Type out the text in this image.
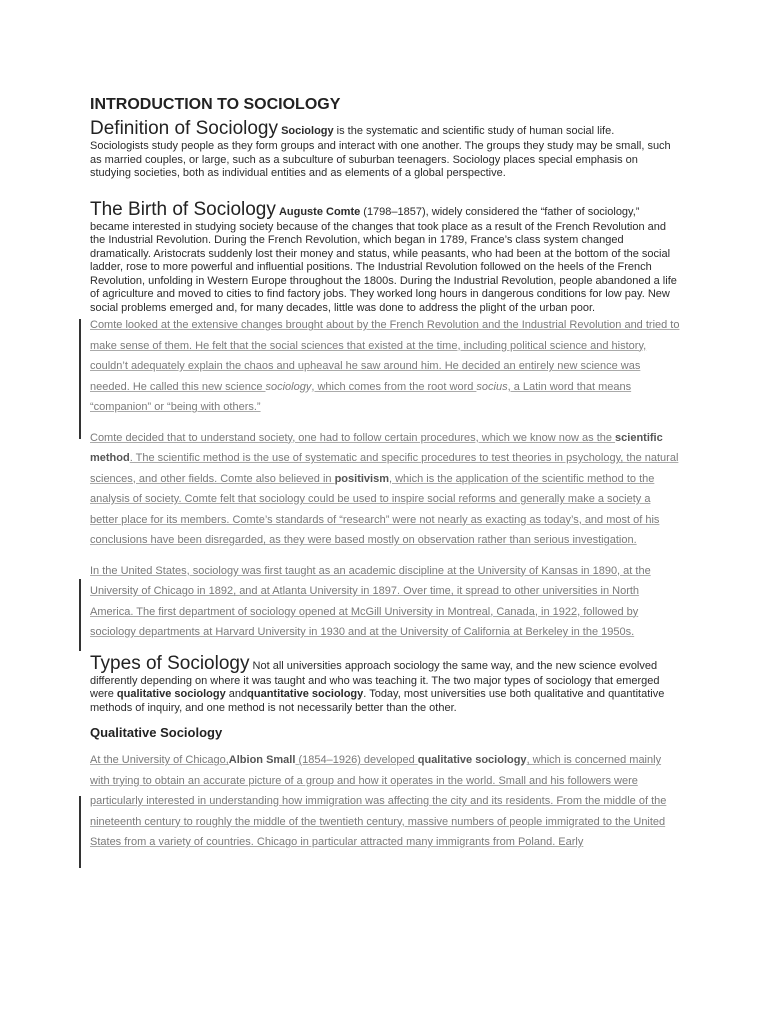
INTRODUCTION TO SOCIOLOGY

Definition of Sociology Sociology is the systematic and scientific study of human social life.
Sociologists study people as they form groups and interact with one another. The groups they study may be small, such as married couples, or large, such as a subculture of suburban teenagers. Sociology places special emphasis on studying societies, both as individual entities and as elements of a global perspective.

The Birth of Sociology Auguste Comte (1798–1857), widely considered the “father of sociology,” became interested in studying society because of the changes that took place as a result of the French Revolution and the Industrial Revolution. During the French Revolution, which began in 1789, France’s class system changed dramatically. Aristocrats suddenly lost their money and status, while peasants, who had been at the bottom of the social ladder, rose to more powerful and influential positions. The Industrial Revolution followed on the heels of the French Revolution, unfolding in Western Europe throughout the 1800s. During the Industrial Revolution, people abandoned a life of agriculture and moved to cities to find factory jobs. They worked long hours in dangerous conditions for low pay. New social problems emerged and, for many decades, little was done to address the plight of the urban poor.

Comte looked at the extensive changes brought about by the French Revolution and the Industrial Revolution and tried to make sense of them. He felt that the social sciences that existed at the time, including political science and history, couldn’t adequately explain the chaos and upheaval he saw around him. He decided an entirely new science was needed. He called this new science sociology, which comes from the root word socius, a Latin word that means “companion” or “being with others.”
Comte decided that to understand society, one had to follow certain procedures, which we know now as the scientific method. The scientific method is the use of systematic and specific procedures to test theories in psychology, the natural sciences, and other fields. Comte also believed in positivism, which is the application of the scientific method to the analysis of society. Comte felt that sociology could be used to inspire social reforms and generally make a society a better place for its members. Comte’s standards of “research” were not nearly as exacting as today’s, and most of his conclusions have been disregarded, as they were based mostly on observation rather than serious investigation.
In the United States, sociology was first taught as an academic discipline at the University of Kansas in 1890, at the University of Chicago in 1892, and at Atlanta University in 1897. Over time, it spread to other universities in North America. The first department of sociology opened at McGill University in Montreal, Canada, in 1922, followed by sociology departments at Harvard University in 1930 and at the University of California at Berkeley in the 1950s.

Types of Sociology Not all universities approach sociology the same way, and the new science evolved differently depending on where it was taught and who was teaching it. The two major types of sociology that emerged were qualitative sociology andquantitative sociology. Today, most universities use both qualitative and quantitative methods of inquiry, and one method is not necessarily better than the other.

Qualitative Sociology
At the University of Chicago,Albion Small (1854–1926) developed qualitative sociology, which is concerned mainly with trying to obtain an accurate picture of a group and how it operates in the world. Small and his followers were particularly interested in understanding how immigration was affecting the city and its residents. From the middle of the nineteenth century to roughly the middle of the twentieth century, massive numbers of people immigrated to the United States from a variety of countries. Chicago in particular attracted many immigrants from Poland. Early
